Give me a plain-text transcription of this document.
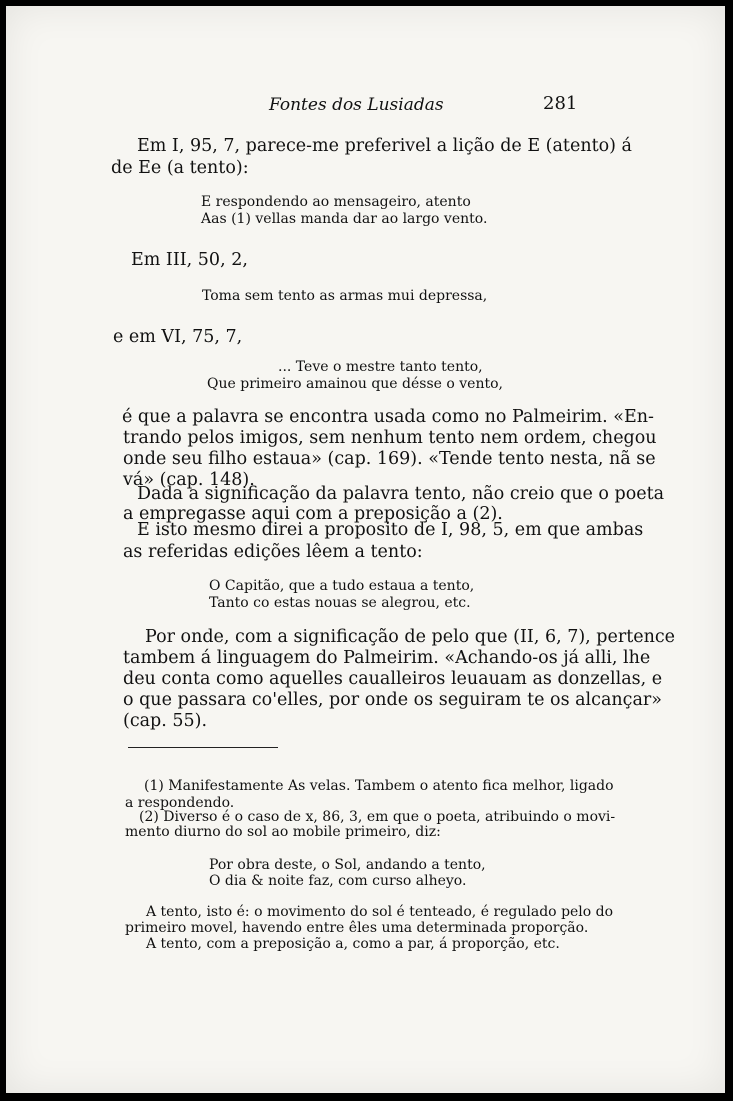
Fontes dos Lusiadas	281
Em I, 95, 7, parece-me preferivel a lição de E (atento) á
de Ee (a tento):
E respondendo ao mensageiro, atento
Aas (1) vellas manda dar ao largo vento.
Em III, 50, 2,
Toma sem tento as armas mui depressa,
e em VI, 75, 7,
... Teve o mestre tanto tento,
Que primeiro amainou que désse o vento,
é que a palavra se encontra usada como no Palmeirim. «En-
trando pelos imigos, sem nenhum tento nem ordem, chegou
onde seu filho estaua» (cap. 169). «Tende tento nesta, nã se
vá» (cap. 148).
Dada a significação da palavra tento, não creio que o poeta
a empregasse aqui com a preposição a (2).
E isto mesmo direi a proposito de I, 98, 5, em que ambas
as referidas edições lêem a tento:
O Capitão, que a tudo estaua a tento,
Tanto co estas nouas se alegrou, etc.
Por onde, com a significação de pelo que (II, 6, 7), pertence
tambem á linguagem do Palmeirim. «Achando-os já alli, lhe
deu conta como aquelles caualleiros leuauam as donzellas, e
o que passara co'elles, por onde os seguiram te os alcançar»
(cap. 55).
(1) Manifestamente As velas. Tambem o atento fica melhor, ligado
a respondendo.
(2) Diverso é o caso de x, 86, 3, em que o poeta, atribuindo o movi-
mento diurno do sol ao mobile primeiro, diz:
Por obra deste, o Sol, andando a tento,
O dia & noite faz, com curso alheyo.
A tento, isto é: o movimento do sol é tenteado, é regulado pelo do
primeiro movel, havendo entre êles uma determinada proporção.
A tento, com a preposição a, como a par, á proporção, etc.
